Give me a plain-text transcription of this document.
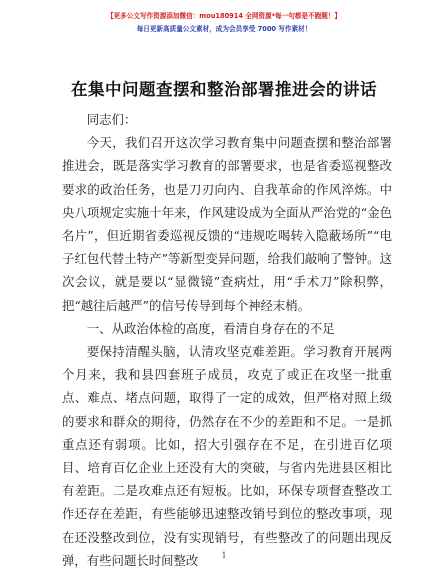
【更多公文写作资源添加微信：mou180914 全网资源*每一句都是不跑题！】
每日更新高质量公文素材，成为会员享受 7000 写作素材！
在集中问题查摆和整治部署推进会的讲话

同志们：

今天，我们召开这次学习教育集中问题查摆和整治部署推进会，既是落实学习教育的部署要求，也是省委巡视整改要求的政治任务，也是刀刃向内、自我革命的作风淬炼。中央八项规定实施十年来，作风建设成为全面从严治党的“金色名片”，但近期省委巡视反馈的“违规吃喝转入隐蔽场所”“电子红包代替土特产”等新型变异问题，给我们敲响了警钟。这次会议，就是要以“显微镜”查病灶，用“手术刀”除积弊，把“越往后越严”的信号传导到每个神经末梢。

一、从政治体检的高度，看清自身存在的不足

要保持清醒头脑，认清攻坚克难差距。学习教育开展两个月来，我和县四套班子成员，攻克了或正在攻坚一批重点、难点、堵点问题，取得了一定的成效，但严格对照上级的要求和群众的期待，仍然存在不少的差距和不足。一是抓重点还有弱项。比如，招大引强存在不足，在引进百亿项目、培育百亿企业上还没有大的突破，与省内先进县区相比有差距。二是攻难点还有短板。比如，环保专项督查整改工作还存在差距，有些能够迅速整改销号到位的整改事项，现在还没整改到位，没有实现销号，有些整改了的问题出现反弹，有些问题长时间整改	1
